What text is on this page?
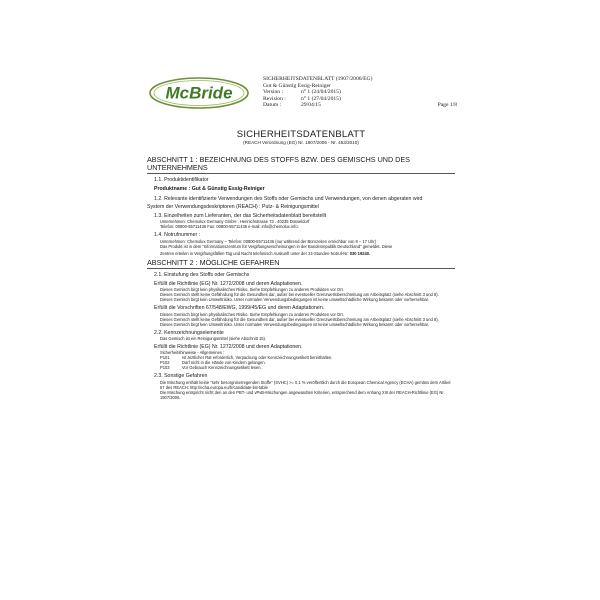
McBride
SICHERHEITSDATENBLATT (1907/2006/EG)
Gut & Günstig Essig-Reiniger
Version :	n° 1 (24/04/2015)
Revision :	n° 1 (27/04/2015)
Datum :	29/04/15	Page 1/8
SICHERHEITSDATENBLATT
(REACH Verordnung (EG) Nr. 1907/2006 - Nr. 453/2010)
ABSCHNITT 1 : BEZEICHNUNG DES STOFFS BZW. DES GEMISCHS UND DES UNTERNEHMENS
1.1. Produktidentifikator
Produktname : Gut & Günstig Essig-Reiniger
1.2. Relevante identifizierte Verwendungen des Stoffs oder Gemischs und Verwendungen, von denen abgeraten wird
System der Verwendungsdeskriptoren (REACH) : Putz- & Reinigungsmittel
1.3. Einzelheiten zum Lieferanten, der das Sicherheitsdatenblatt bereitstellt
Unternehmen: Chemolux Germany GmbH . Hennichstrasse 73 . 40235 Düsseldorf
Telefon: 00800-55711436 Fax: 00800-55711436 e-mail: info@chemolux.info.
1.4. Notrufnummer :
Unternehmen: Chemolux Germany – Telefon: 00800-55711436 (nur während der Bürozeiten erreichbar von 8 – 17 Uhr)
Das Produkt ist in dem "Informationszentrum für Vergiftungserscheinungen in der Bundesrepublik Deutschland" gemeldet. Diese
Zentren erteilen in Vergiftungsfällen Tag und Nacht telefonisch Auskunft unter der 24-Stunden-Notruf-Nr: 030 19240.
ABSCHNITT 2 : MÖGLICHE GEFAHREN
2.1. Einstufung des Stoffs oder Gemischs
Erfüllt die Richtlinie (EG) Nr. 1272/2008 und deren Adaptationen.
Dieses Gemisch birgt kein physikalisches Risiko. Siehe Empfehlungen zu anderen Produkten vor Ort.
Dieses Gemisch stellt keine Gefährdung für die Gesundheit dar, außer bei eventueller Grenzwertüberschreitung am Arbeitsplatz (siehe Abschnitt 3 und 8).
Dieses Gemisch birgt kein Umweltrisiko. Unter normalen Verwendungsbedingungen ist keine umweltschädliche Wirkung bekannt oder vorhersehbar.
Erfüllt die Vorschriften 67/548/EWG, 1999/45/EG und deren Adaptationen.
Dieses Gemisch birgt kein physikalisches Risiko. Siehe Empfehlungen zu anderen Produkten vor Ort.
Dieses Gemisch stellt keine Gefährdung für die Gesundheit dar, außer bei eventueller Grenzwertüberschreitung am Arbeitsplatz (siehe Abschnitt 3 und 8).
Dieses Gemisch birgt kein Umweltrisiko. Unter normalen Verwendungsbedingungen ist keine umweltschädliche Wirkung bekannt oder vorhersehbar.
2.2. Kennzeichnungselemente
Das Gemisch ist ein Reinigungsmittel (siehe Abschnitt 15).
Erfüllt die Richtlinie (EG) Nr. 1272/2008 und deren Adaptationen.
Sicherheitshinweise - Allgemeines :
P101	Ist ärztlicher Rat erforderlich, Verpackung oder Kennzeichnungsetikett bereithalten.
P102	Darf nicht in die Hände von Kindern gelangen.
P103	Vor Gebrauch Kennzeichnungsetikett lesen.
2.3. Sonstige Gefahren
Die Mischung enthält keine "sehr besorgniserregenden Stoffe" (SVHC) >= 0,1 % veröffentlich durch die European Chemical Agency (ECHA) gemäss dem Artikel 57 des REACH: http://echa.europa.eu/fr/candidate-list-table
Die Mischung entspricht nicht den an den PBT- und vPvB-Mischungen angewandten Kriterien, entsprechend dem Anhang XIII der REACH-Richtlinie (EG) Nr. 1907/2006.
